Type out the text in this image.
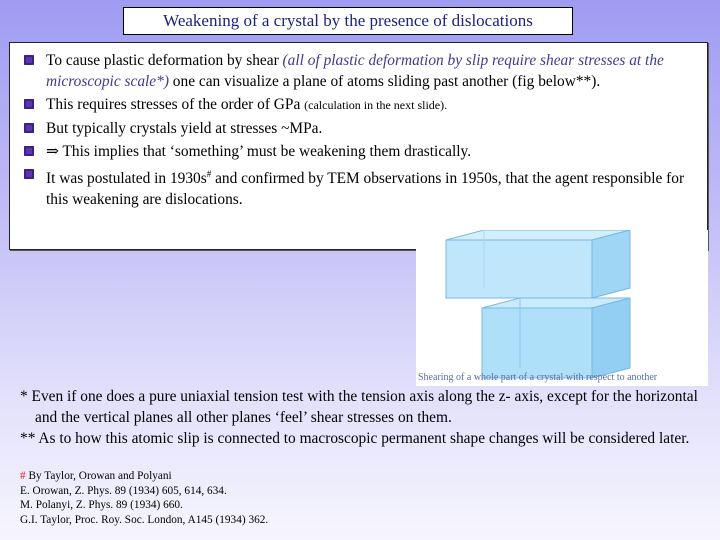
Weakening of a crystal by the presence of dislocations
To cause plastic deformation by shear (all of plastic deformation by slip require shear stresses at the microscopic scale*) one can visualize a plane of atoms sliding past another (fig below**).
This requires stresses of the order of GPa (calculation in the next slide).
But typically crystals yield at stresses ~MPa.
⇒ This implies that ‘something’ must be weakening them drastically.
It was postulated in 1930s# and confirmed by TEM observations in 1950s, that the agent responsible for this weakening are dislocations.
Shearing of a whole part of a crystal with respect to another

* Even if one does a pure uniaxial tension test with the tension axis along the z- axis, except for the horizontal and the vertical planes all other planes ‘feel’ shear stresses on them.

** As to how this atomic slip is connected to macroscopic permanent shape changes will be considered later.

# By Taylor, Orowan and Polyani

E. Orowan, Z. Phys. 89 (1934) 605, 614, 634.

M. Polanyi, Z. Phys. 89 (1934) 660.

G.I. Taylor, Proc. Roy. Soc. London, A145 (1934) 362.
